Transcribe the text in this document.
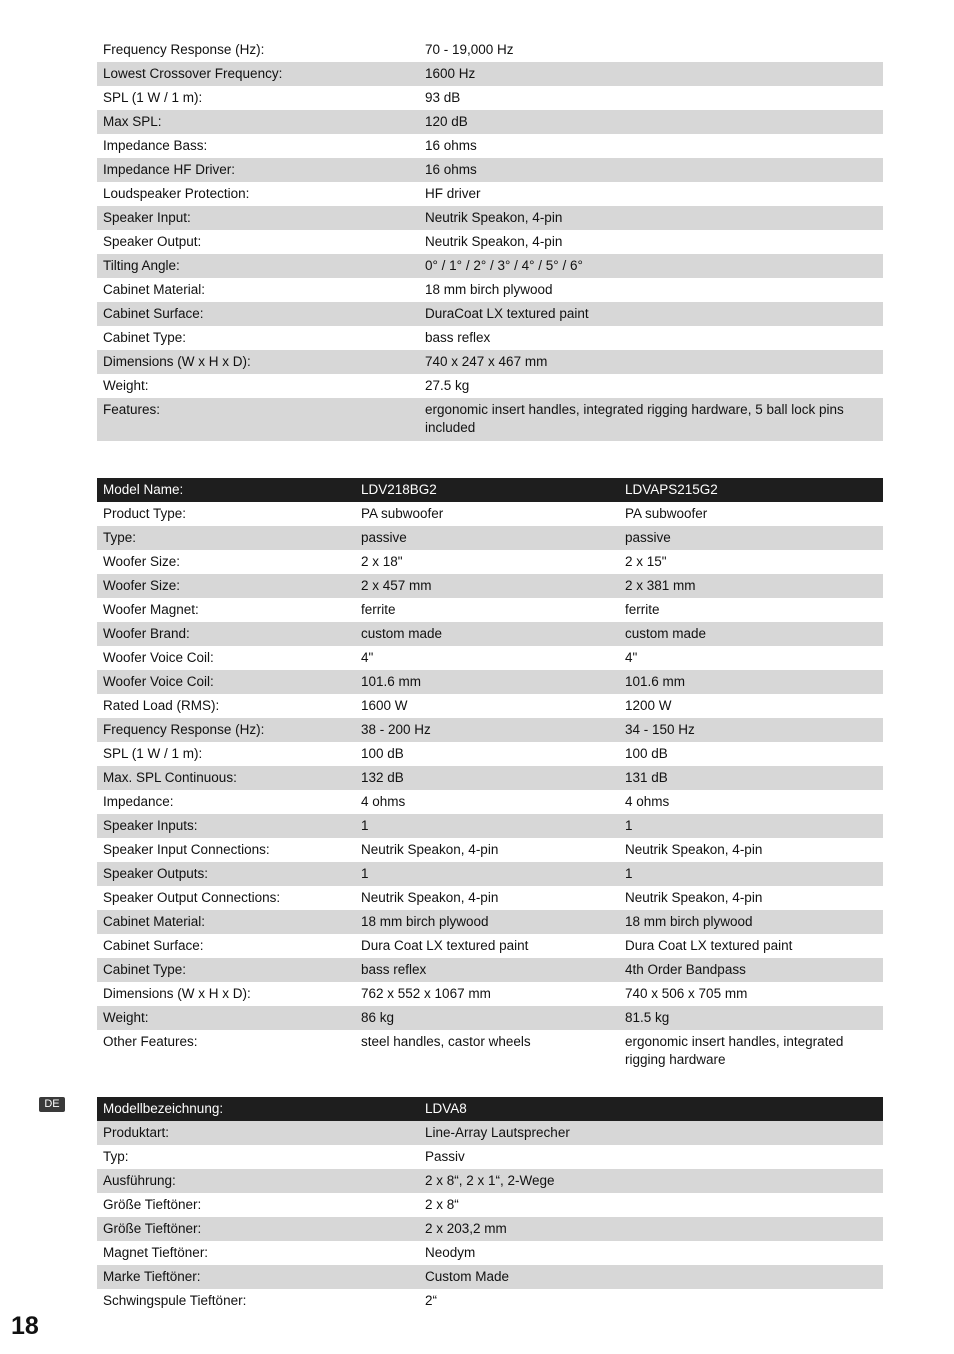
Frequency Response (Hz):	70 - 19,000 Hz
Lowest Crossover Frequency:	1600 Hz
SPL (1 W / 1 m):	93 dB
Max SPL:	120 dB
Impedance Bass:	16 ohms
Impedance HF Driver:	16 ohms
Loudspeaker Protection:	HF driver
Speaker Input:	Neutrik Speakon, 4-pin
Speaker Output:	Neutrik Speakon, 4-pin
Tilting Angle:	0° / 1° / 2° / 3° / 4° / 5° / 6°
Cabinet Material:	18 mm birch plywood
Cabinet Surface:	DuraCoat LX textured paint
Cabinet Type:	bass reflex
Dimensions (W x H x D):	740 x 247 x 467 mm
Weight:	27.5 kg
Features:	ergonomic insert handles, integrated rigging hardware, 5 ball lock pins included
Model Name:	LDV218BG2	LDVAPS215G2
Product Type:	PA subwoofer	PA subwoofer
Type:	passive	passive
Woofer Size:	2 x 18"	2 x 15"
Woofer Size:	2 x 457 mm	2 x 381 mm
Woofer Magnet:	ferrite	ferrite
Woofer Brand:	custom made	custom made
Woofer Voice Coil:	4"	4"
Woofer Voice Coil:	101.6 mm	101.6 mm
Rated Load (RMS):	1600 W	1200 W
Frequency Response (Hz):	38 - 200 Hz	34 - 150 Hz
SPL (1 W / 1 m):	100 dB	100 dB
Max. SPL Continuous:	132 dB	131 dB
Impedance:	4 ohms	4 ohms
Speaker Inputs:	1	1
Speaker Input Connections:	Neutrik Speakon, 4-pin	Neutrik Speakon, 4-pin
Speaker Outputs:	1	1
Speaker Output Connections:	Neutrik Speakon, 4-pin	Neutrik Speakon, 4-pin
Cabinet Material:	18 mm birch plywood	18 mm birch plywood
Cabinet Surface:	Dura Coat LX textured paint	Dura Coat LX textured paint
Cabinet Type:	bass reflex	4th Order Bandpass
Dimensions (W x H x D):	762 x 552 x 1067 mm	740 x 506 x 705 mm
Weight:	86 kg	81.5 kg
Other Features:	steel handles, castor wheels	ergonomic insert handles, integrated rigging hardware
DE	Modellbezeichnung:	LDVA8
Produktart:	Line-Array Lautsprecher
Typ:	Passiv
Ausführung:	2 x 8“, 2 x 1“, 2-Wege
Größe Tieftöner:	2 x 8“
Größe Tieftöner:	2 x 203,2 mm
Magnet Tieftöner:	Neodym
Marke Tieftöner:	Custom Made
Schwingspule Tieftöner:	2“
18
